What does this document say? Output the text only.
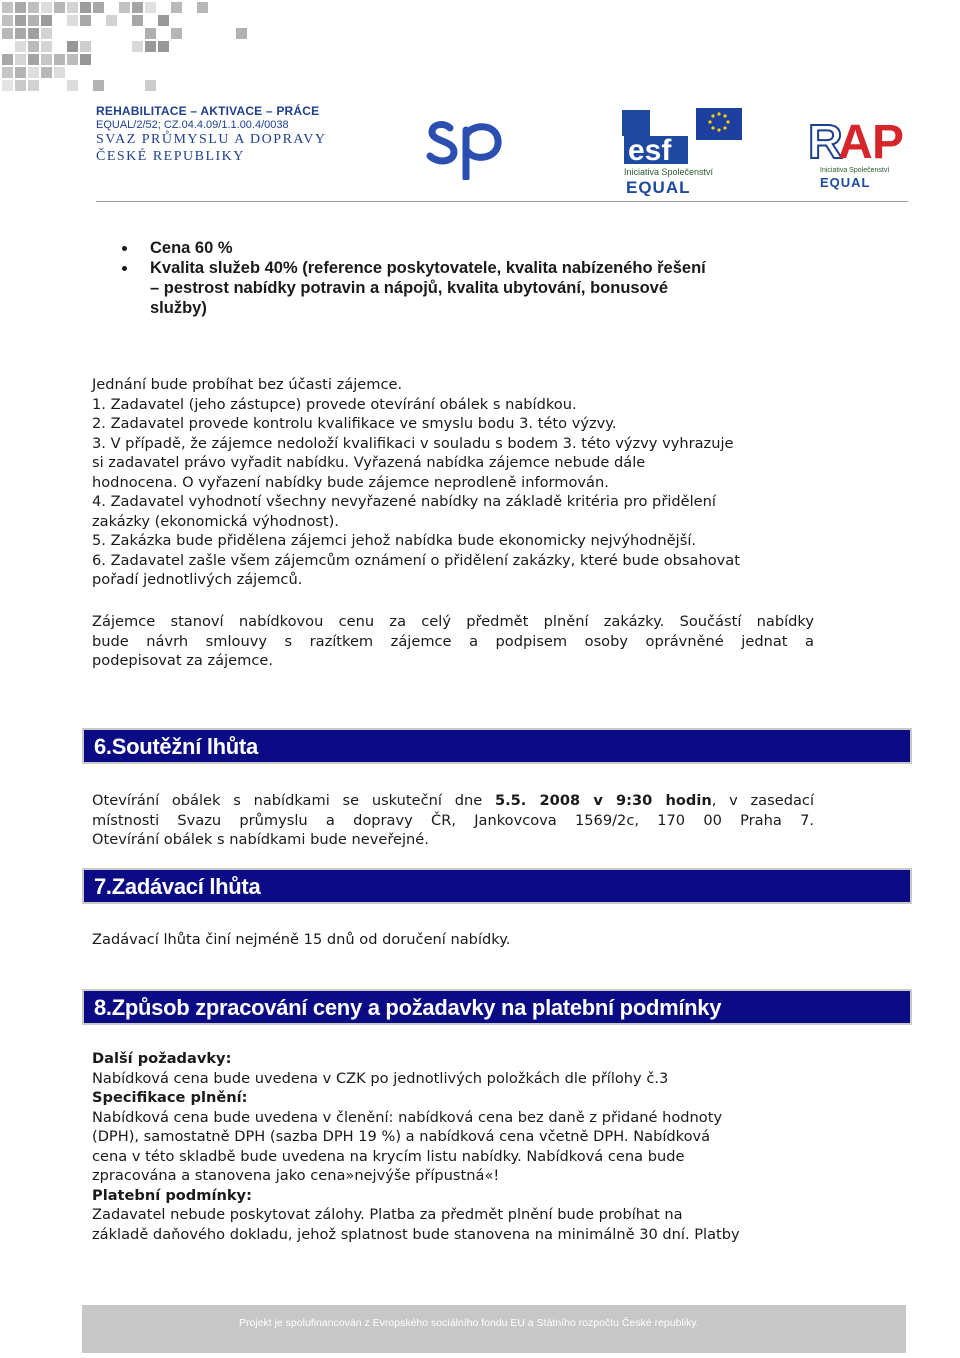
REHABILITACE – AKTIVACE – PRÁCE
EQUAL/2/52; CZ.04.4.09/1.1.00.4/0038
SVAZ PRŮMYSLU A DOPRAVY
ČESKÉ REPUBLIKY	esf
Iniciativa Společenství
EQUAL
R
A P
Iniciativa Společenství
EQUAL
Cena 60 %
Kvalita služeb 40% (reference poskytovatele, kvalita nabízeného řešení
– pestrost nabídky potravin a nápojů, kvalita ubytování, bonusové
služby)
Jednání bude probíhat bez účasti zájemce.
1. Zadavatel (jeho zástupce) provede otevírání obálek s nabídkou.
2. Zadavatel provede kontrolu kvalifikace ve smyslu bodu 3. této výzvy.
3. V případě, že zájemce nedoloží kvalifikaci v souladu s bodem 3. této výzvy vyhrazuje
si zadavatel právo vyřadit nabídku. Vyřazená nabídka zájemce nebude dále
hodnocena. O vyřazení nabídky bude zájemce neprodleně informován.
4. Zadavatel vyhodnotí všechny nevyřazené nabídky na základě kritéria pro přidělení
zakázky (ekonomická výhodnost).
5. Zakázka bude přidělena zájemci jehož nabídka bude ekonomicky nejvýhodnější.
6. Zadavatel zašle všem zájemcům oznámení o přidělení zakázky, které bude obsahovat
pořadí jednotlivých zájemců.
Zájemce stanoví nabídkovou cenu za celý předmět plnění zakázky. Součástí nabídky
bude návrh smlouvy s razítkem zájemce a podpisem osoby oprávněné jednat a
podepisovat za zájemce.
6.Soutěžní lhůta
Otevírání obálek s nabídkami se uskuteční dne 5.5. 2008 v 9:30 hodin, v zasedací
místnosti Svazu průmyslu a dopravy ČR, Jankovcova 1569/2c, 170 00 Praha 7.
Otevírání obálek s nabídkami bude neveřejné.
7.Zadávací lhůta
Zadávací lhůta činí nejméně 15 dnů od doručení nabídky.
8.Způsob zpracování ceny a požadavky na platební podmínky
Další požadavky:
Nabídková cena bude uvedena v CZK po jednotlivých položkách dle přílohy č.3
Specifikace plnění:
Nabídková cena bude uvedena v členění: nabídková cena bez daně z přidané hodnoty
(DPH), samostatně DPH (sazba DPH 19 %) a nabídková cena včetně DPH. Nabídková
cena v této skladbě bude uvedena na krycím listu nabídky. Nabídková cena bude
zpracována a stanovena jako cena»nejvýše přípustná«!
Platební podmínky:
Zadavatel nebude poskytovat zálohy. Platba za předmět plnění bude probíhat na
základě daňového dokladu, jehož splatnost bude stanovena na minimálně 30 dní. Platby
Projekt je spolufinancován z Evropského sociálního fondu EU a Státního rozpočtu České republiky.
